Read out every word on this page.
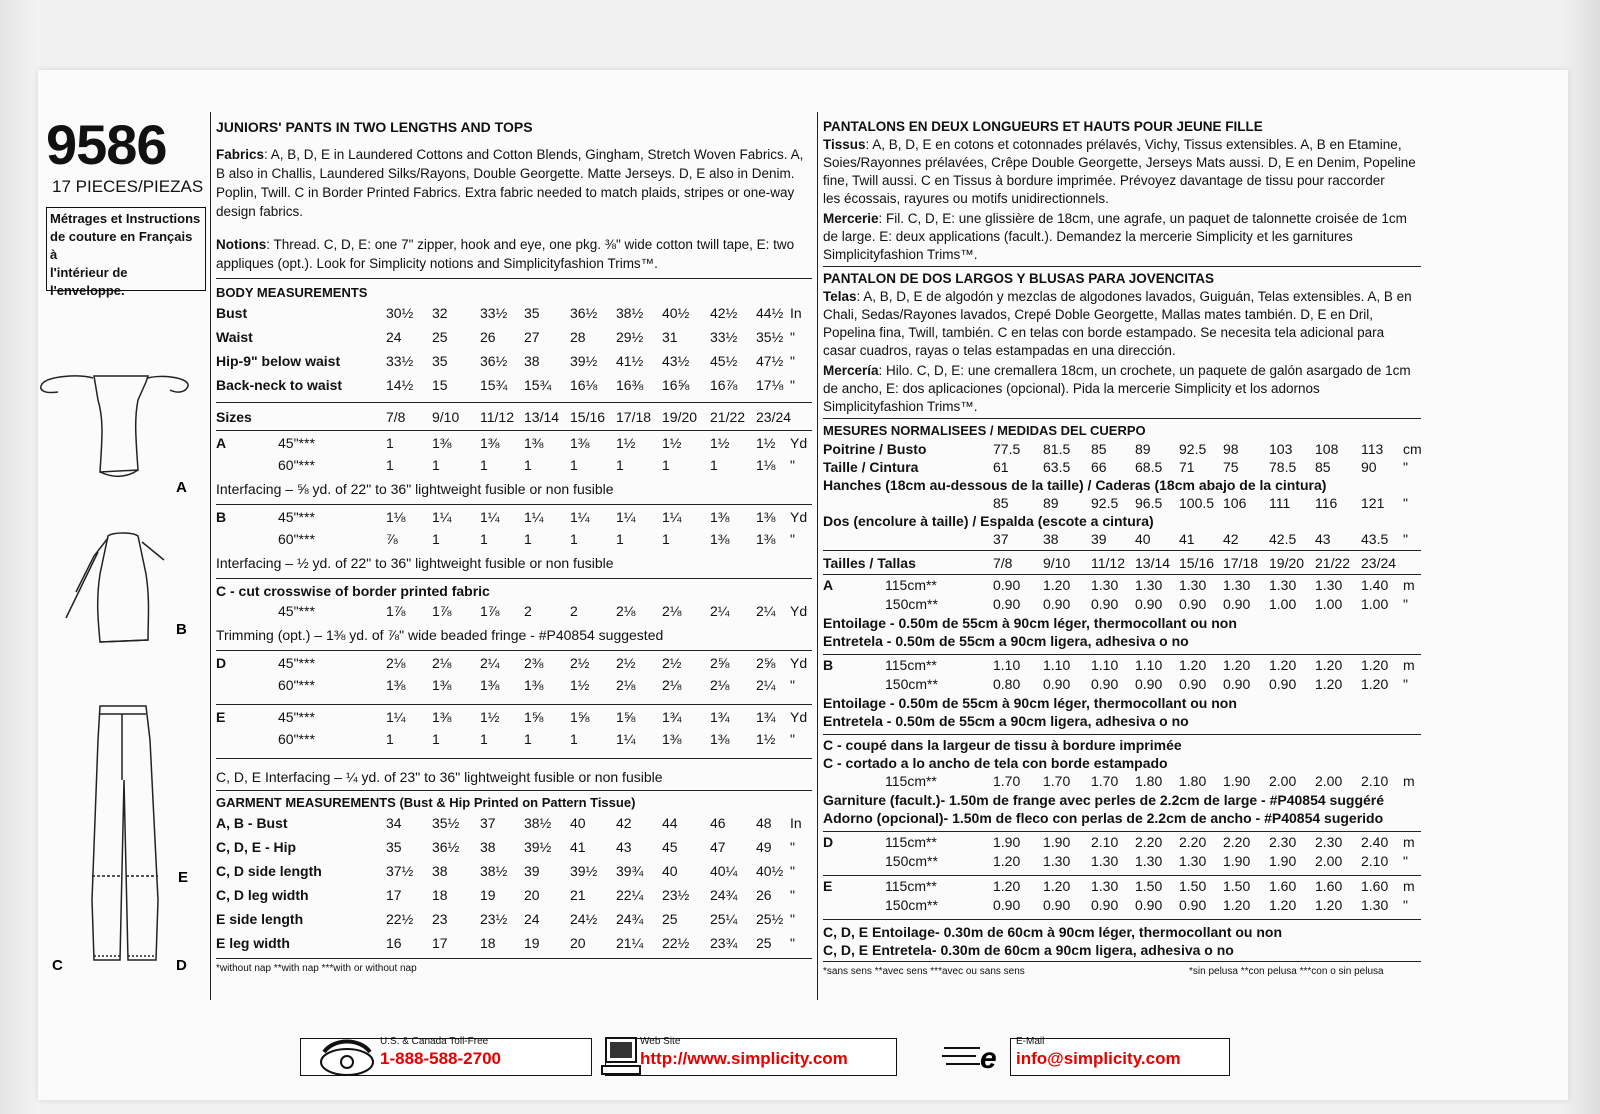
9586
17 PIECES/PIEZAS
Métrages et Instructions
de couture en Français à
l'intérieur de
l'enveloppe.
A
B
E
C	D
JUNIORS' PANTS IN TWO LENGTHS AND TOPS
Fabrics: A, B, D, E in Laundered Cottons and Cotton Blends, Gingham, Stretch Woven Fabrics. A,
B also in Challis, Laundered Silks/Rayons, Double Georgette. Matte Jerseys. D, E also in Denim.
Poplin, Twill. C in Border Printed Fabrics. Extra fabric needed to match plaids, stripes or one-way
design fabrics.
Notions: Thread. C, D, E: one 7" zipper, hook and eye, one pkg. ⅜" wide cotton twill tape, E: two
appliques (opt.). Look for Simplicity notions and Simplicityfashion Trims™.
BODY MEASUREMENTS
Bust	30½ 32 33½ 35 36½ 38½ 40½ 42½ 44½ In
Waist	24 25 26 27 28 29½ 31 33½ 35½ "
Hip-9" below waist	33½ 35 36½ 38 39½ 41½ 43½ 45½ 47½ "
Back-neck to waist	14½ 15 15¾ 15¾ 16⅛ 16⅜ 16⅝ 16⅞ 17⅛ "
Sizes	7/8 9/10 11/12 13/14 15/16 17/18 19/20 21/22 23/24
A	45"***	1	1⅜ 1⅜ 1⅜ 1⅜ 1½ 1½ 1½ 1½ Yd
60"***	1	1	1	1	1	1	1	1	1⅛ "
Interfacing – ⅝ yd. of 22" to 36" lightweight fusible or non fusible
B	45"***	1⅛ 1¼ 1¼ 1¼ 1¼ 1¼ 1¼ 1⅜ 1⅜ Yd
60"***	⅞ 1	1	1	1	1	1	1⅜ 1⅜ "
Interfacing – ½ yd. of 22" to 36" lightweight fusible or non fusible
C - cut crosswise of border printed fabric
45"***	1⅞ 1⅞ 1⅞ 2	2	2⅛ 2⅛ 2¼ 2¼ Yd
Trimming (opt.) – 1⅜ yd. of ⅞" wide beaded fringe - #P40854 suggested
D	45"***	2⅛ 2⅛ 2¼ 2⅜ 2½ 2½ 2½ 2⅝ 2⅝ Yd
60"***	1⅜ 1⅜ 1⅜ 1⅜ 1½ 2⅛ 2⅛ 2⅛ 2¼ "
E	45"***	1¼ 1⅜ 1½ 1⅝ 1⅝ 1⅝ 1¾ 1¾ 1¾ Yd
60"***	1	1	1	1	1	1¼ 1⅜ 1⅜ 1½ "
C, D, E Interfacing – ¼ yd. of 23" to 36" lightweight fusible or non fusible
GARMENT MEASUREMENTS (Bust & Hip Printed on Pattern Tissue)
A, B - Bust	34 35½ 37 38½ 40 42 44 46 48 In
C, D, E - Hip	35 36½ 38 39½ 41 43 45 47 49 "
C, D side length	37½ 38 38½ 39 39½ 39¾ 40 40¼ 40½ "
C, D leg width	17 18 19 20 21 22¼ 23½ 24¾ 26 "
E side length	22½ 23 23½ 24 24½ 24¾ 25 25¼ 25½ "
E leg width	16 17 18 19 20 21¼ 22½ 23¾ 25 "
*without nap **with nap ***with or without nap
PANTALONS EN DEUX LONGUEURS ET HAUTS POUR JEUNE FILLE
Tissus: A, B, D, E en cotons et cotonnades prélavés, Vichy, Tissus extensibles. A, B en Etamine,
Soies/Rayonnes prélavées, Crêpe Double Georgette, Jerseys Mats aussi. D, E en Denim, Popeline
fine, Twill aussi. C en Tissus à bordure imprimée. Prévoyez davantage de tissu pour raccorder
les écossais, rayures ou motifs unidirectionnels.
Mercerie: Fil. C, D, E: une glissière de 18cm, une agrafe, un paquet de talonnette croisée de 1cm
de large. E: deux applications (facult.). Demandez la mercerie Simplicity et les garnitures
Simplicityfashion Trims™.
PANTALON DE DOS LARGOS Y BLUSAS PARA JOVENCITAS
Telas: A, B, D, E de algodón y mezclas de algodones lavados, Guiguán, Telas extensibles. A, B en
Chali, Sedas/Rayones lavados, Crepé Doble Georgette, Mallas mates también. D, E en Dril,
Popelina fina, Twill, también. C en telas con borde estampado. Se necesita tela adicional para
casar cuadros, rayas o telas estampadas en una dirección.
Mercería: Hilo. C, D, E: une cremallera 18cm, un crochete, un paquete de galón asargado de 1cm
de ancho, E: dos aplicaciones (opcional). Pida la mercerie Simplicity et los adornos
Simplicityfashion Trims™.
MESURES NORMALISEES / MEDIDAS DEL CUERPO
Poitrine / Busto	77.5 81.5 85 89 92.5 98 103 108 113 cm
Taille / Cintura	61 63.5 66 68.5 71 75 78.5 85 90 "
Hanches (18cm au-dessous de la taille) / Caderas (18cm abajo de la cintura)
85 89 92.5 96.5 100.5 106 111 116 121 "
Dos (encolure à taille) / Espalda (escote a cintura)
37 38 39 40 41 42 42.5 43 43.5 "
Tailles / Tallas	7/8 9/10 11/12 13/14 15/16 17/18 19/20 21/22 23/24
A	115cm**	0.90 1.20 1.30 1.30 1.30 1.30 1.30 1.30 1.40 m
150cm**	0.90 0.90 0.90 0.90 0.90 0.90 1.00 1.00 1.00 "
Entoilage - 0.50m de 55cm à 90cm léger, thermocollant ou non
Entretela - 0.50m de 55cm a 90cm ligera, adhesiva o no
B	115cm**	1.10 1.10 1.10 1.10 1.20 1.20 1.20 1.20 1.20 m
150cm**	0.80 0.90 0.90 0.90 0.90 0.90 0.90 1.20 1.20 "
Entoilage - 0.50m de 55cm à 90cm léger, thermocollant ou non
Entretela - 0.50m de 55cm a 90cm ligera, adhesiva o no
C - coupé dans la largeur de tissu à bordure imprimée
C - cortado a lo ancho de tela con borde estampado
115cm**	1.70 1.70 1.70 1.80 1.80 1.90 2.00 2.00 2.10 m
Garniture (facult.)- 1.50m de frange avec perles de 2.2cm de large - #P40854 suggéré
Adorno (opcional)- 1.50m de fleco con perlas de 2.2cm de ancho - #P40854 sugerido
D	115cm**	1.90 1.90 2.10 2.20 2.20 2.20 2.30 2.30 2.40 m
150cm**	1.20 1.30 1.30 1.30 1.30 1.90 1.90 2.00 2.10 "
E	115cm**	1.20 1.20 1.30 1.50 1.50 1.50 1.60 1.60 1.60 m
150cm**	0.90 0.90 0.90 0.90 0.90 1.20 1.20 1.20 1.30 "
C, D, E Entoilage- 0.30m de 60cm à 90cm léger, thermocollant ou non
C, D, E Entretela- 0.30m de 60cm a 90cm ligera, adhesiva o no
*sans sens **avec sens ***avec ou sans sens	*sin pelusa **con pelusa ***con o sin pelusa
U.S. & Canada Toll-Free
1-888-588-2700
Web Site
http://www.simplicity.com	e
E-Mail
info@simplicity.com
